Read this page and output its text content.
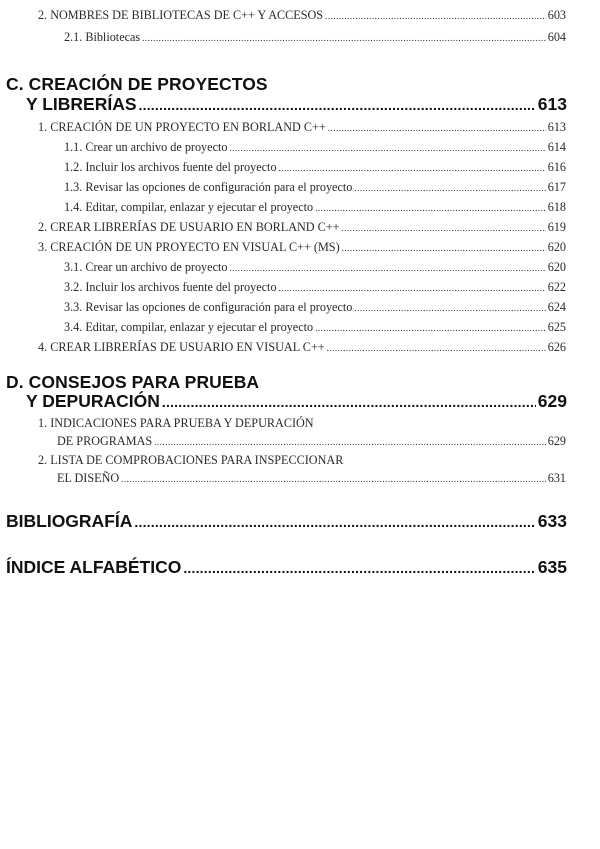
2. NOMBRES DE BIBLIOTECAS DE C++ Y ACCESOS .....	603
2.1. Bibliotecas .....	604
C. CREACIÓN DE PROYECTOS
Y LIBRERÍAS .....	613
1. CREACIÓN DE UN PROYECTO EN BORLAND C++ .....	613
1.1. Crear un archivo de proyecto .....	614
1.2. Incluir los archivos fuente del proyecto .....	616
1.3. Revisar las opciones de configuración para el proyecto .....	617
1.4. Editar, compilar, enlazar y ejecutar el proyecto .....	618
2. CREAR LIBRERÍAS DE USUARIO EN BORLAND C++ .....	619
3. CREACIÓN DE UN PROYECTO EN VISUAL C++ (MS) .....	620
3.1. Crear un archivo de proyecto .....	620
3.2. Incluir los archivos fuente del proyecto .....	622
3.3. Revisar las opciones de configuración para el proyecto .....	624
3.4. Editar, compilar, enlazar y ejecutar el proyecto .....	625
4. CREAR LIBRERÍAS DE USUARIO EN VISUAL C++ .....	626
D. CONSEJOS PARA PRUEBA
Y DEPURACIÓN .....	629
1. INDICACIONES PARA PRUEBA Y DEPURACIÓN
DE PROGRAMAS .....	629
2. LISTA DE COMPROBACIONES PARA INSPECCIONAR
EL DISEÑO .....	631
BIBLIOGRAFÍA .....	633
ÍNDICE ALFABÉTICO .....	635
